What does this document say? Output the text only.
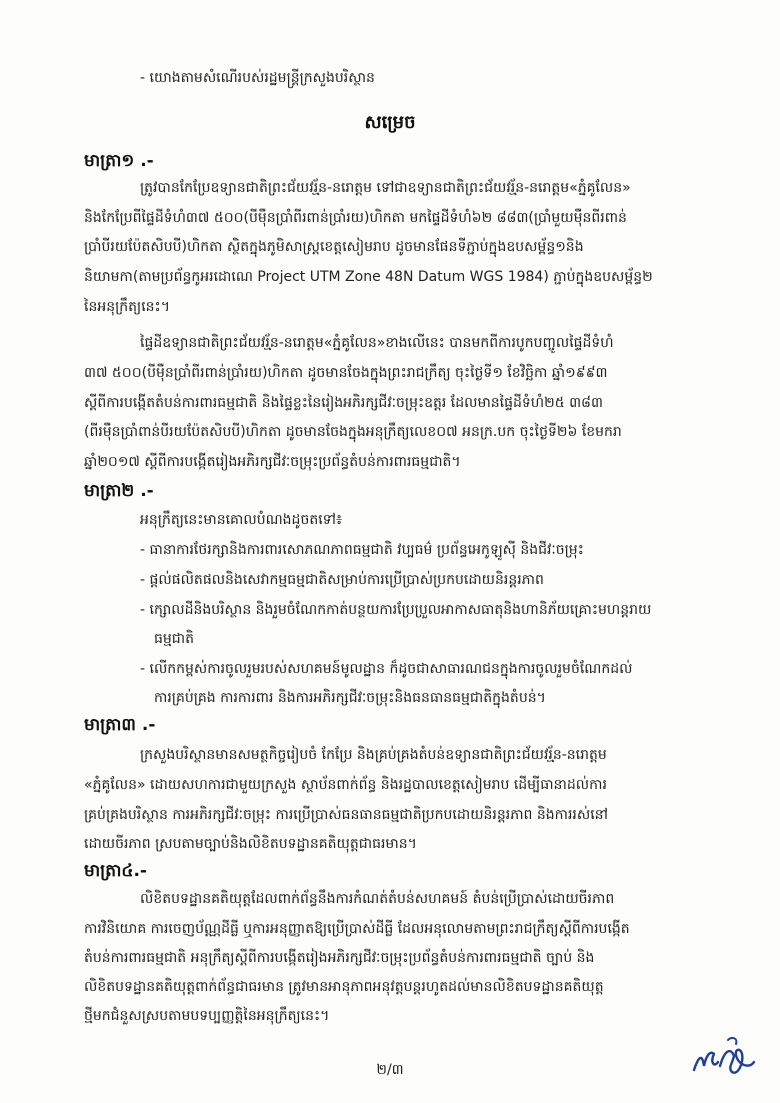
- យោងតាមសំណើរបស់រដ្ឋមន្ត្រីក្រសួងបរិស្ថាន
សម្រេច
មាត្រា១ .-
ត្រូវបានកែប្រែឧទ្យានជាតិព្រះជ័យវរ្ម័ន-នរោត្តម ទៅជាឧទ្យានជាតិព្រះជ័យវរ្ម័ន-នរោត្តម«ភ្នំគូលែន»
និងកែប្រែពីផ្ទៃដីទំហំ៣៧ ៥០០(បីម៉ឺនប្រាំពីរពាន់ប្រាំរយ)ហិកតា មកផ្ទៃដីទំហំ៦២ ៨៨៣(ប្រាំមួយម៉ឺនពីរពាន់
ប្រាំបីរយប៉ែតសិបបី)ហិកតា ស្ថិតក្នុងភូមិសាស្ត្រខេត្តសៀមរាប ដូចមានផែនទីភ្ជាប់ក្នុងឧបសម្ព័ន្ធ១និង
និយាមកា(តាមប្រព័ន្ធកូអរដោណេ Project UTM Zone 48N Datum WGS 1984) ភ្ជាប់ក្នុងឧបសម្ព័ន្ធ២
នៃអនុក្រឹត្យនេះ។
ផ្ទៃដីឧទ្យានជាតិព្រះជ័យវរ្ម័ន-នរោត្តម«ភ្នំគូលែន»ខាងលើនេះ បានមកពីការបូកបញ្ចូលផ្ទៃដីទំហំ
៣៧ ៥០០(បីម៉ឺនប្រាំពីរពាន់ប្រាំរយ)ហិកតា ដូចមានចែងក្នុងព្រះរាជក្រឹត្យ ចុះថ្ងៃទី១ ខែវិច្ឆិកា ឆ្នាំ១៩៩៣
ស្តីពីការបង្កើតតំបន់ការពារធម្មជាតិ និងផ្ទៃខ្លះនៃរៀងអភិរក្សជីវៈចម្រុះឧត្តរ ដែលមានផ្ទៃដីទំហំ២៥ ៣៨៣
(ពីរម៉ឺនប្រាំពាន់បីរយប៉ែតសិបបី)ហិកតា ដូចមានចែងក្នុងអនុក្រឹត្យលេខ០៧ អនក្រ.បក ចុះថ្ងៃទី២៦ ខែមករា
ឆ្នាំ២០១៧ ស្តីពីការបង្កើតរៀងអភិរក្សជីវៈចម្រុះប្រព័ន្ធតំបន់ការពារធម្មជាតិ។
មាត្រា២ .-
អនុក្រឹត្យនេះមានគោលបំណងដូចតទៅ៖
- ធានាការថែរក្សានិងការពារសោភណភាពធម្មជាតិ វប្បធម៌ ប្រព័ន្ធអេកូឡូស៊ី និងជីវៈចម្រុះ
- ផ្តល់ផលិតផលនិងសេវាកម្មធម្មជាតិសម្រាប់ការប្រើប្រាស់ប្រកបដោយនិរន្តរភាព
- ក្សោលដីនិងបរិស្ថាន និងរួមចំណែកកាត់បន្ថយការប្រែប្រួលអាកាសធាតុនិងហានិភ័យគ្រោះមហន្តរាយ
ធម្មជាតិ
- លើកកម្ពស់ការចូលរួមរបស់សហគមន៍មូលដ្ឋាន ក៏ដូចជាសាធារណជនក្នុងការចូលរួមចំណែកដល់
ការគ្រប់គ្រង ការការពារ និងការអភិរក្សជីវៈចម្រុះនិងធនធានធម្មជាតិក្នុងតំបន់។
មាត្រា៣ .-
ក្រសួងបរិស្ថានមានសមត្ថកិច្ចរៀបចំ កែប្រែ និងគ្រប់គ្រងតំបន់ឧទ្យានជាតិព្រះជ័យវរ្ម័ន-នរោត្តម
«ភ្នំគូលែន» ដោយសហការជាមួយក្រសួង ស្ថាប័នពាក់ព័ន្ធ និងរដ្ឋបាលខេត្តសៀមរាប ដើម្បីធានាដល់ការ
គ្រប់គ្រងបរិស្ថាន ការអភិរក្សជីវៈចម្រុះ ការប្រើប្រាស់ធនធានធម្មជាតិប្រកបដោយនិរន្តរភាព និងការរស់នៅ
ដោយចីរភាព ស្របតាមច្បាប់និងលិខិតបទដ្ឋានគតិយុត្តជាធរមាន។
មាត្រា៤.-
លិខិតបទដ្ឋានគតិយុត្តដែលពាក់ព័ន្ធនឹងការកំណត់តំបន់សហគមន៍ តំបន់ប្រើប្រាស់ដោយចីរភាព
ការវិនិយោគ ការចេញប័ណ្ណដីធ្លី ឬការអនុញ្ញាតឱ្យប្រើប្រាស់ដីធ្លី ដែលអនុលោមតាមព្រះរាជក្រឹត្យស្តីពីការបង្កើត
តំបន់ការពារធម្មជាតិ អនុក្រឹត្យស្តីពីការបង្កើតរៀងអភិរក្សជីវៈចម្រុះប្រព័ន្ធតំបន់ការពារធម្មជាតិ ច្បាប់ និង
លិខិតបទដ្ឋានគតិយុត្តពាក់ព័ន្ធជាធរមាន ត្រូវមានអានុភាពអនុវត្តបន្តរហូតដល់មានលិខិតបទដ្ឋានគតិយុត្ត
ថ្មីមកជំនួសស្របតាមបទប្បញ្ញត្តិនៃអនុក្រឹត្យនេះ។
២/៣
